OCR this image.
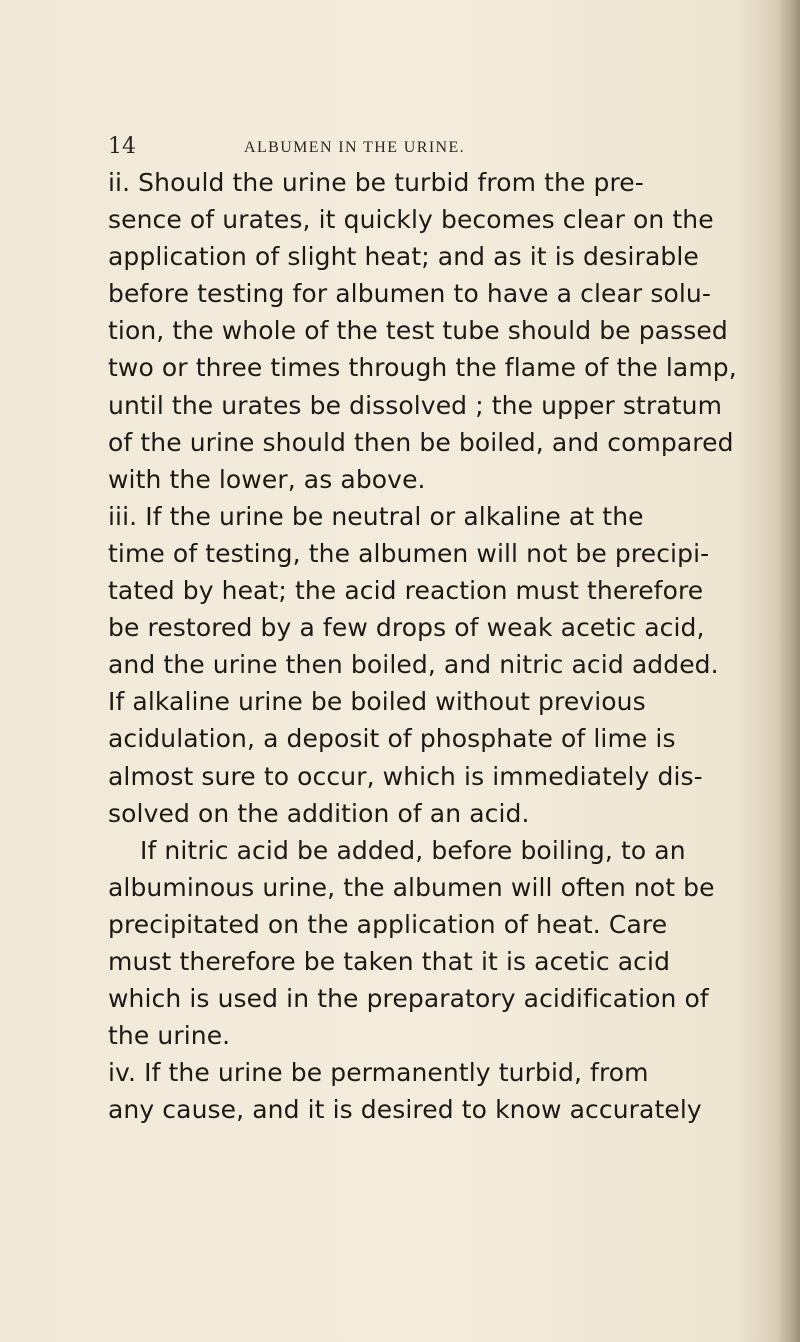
14	ALBUMEN IN THE URINE.
ii. Should the urine be turbid from the pre-
sence of urates, it quickly becomes clear on the
application of slight heat; and as it is desirable
before testing for albumen to have a clear solu-
tion, the whole of the test tube should be passed
two or three times through the flame of the lamp,
until the urates be dissolved ; the upper stratum
of the urine should then be boiled, and compared
with the lower, as above.
iii. If the urine be neutral or alkaline at the
time of testing, the albumen will not be precipi-
tated by heat; the acid reaction must therefore
be restored by a few drops of weak acetic acid,
and the urine then boiled, and nitric acid added.
If alkaline urine be boiled without previous
acidulation, a deposit of phosphate of lime is
almost sure to occur, which is immediately dis-
solved on the addition of an acid.
If nitric acid be added, before boiling, to an
albuminous urine, the albumen will often not be
precipitated on the application of heat. Care
must therefore be taken that it is acetic acid
which is used in the preparatory acidification of
the urine.
iv. If the urine be permanently turbid, from
any cause, and it is desired to know accurately
